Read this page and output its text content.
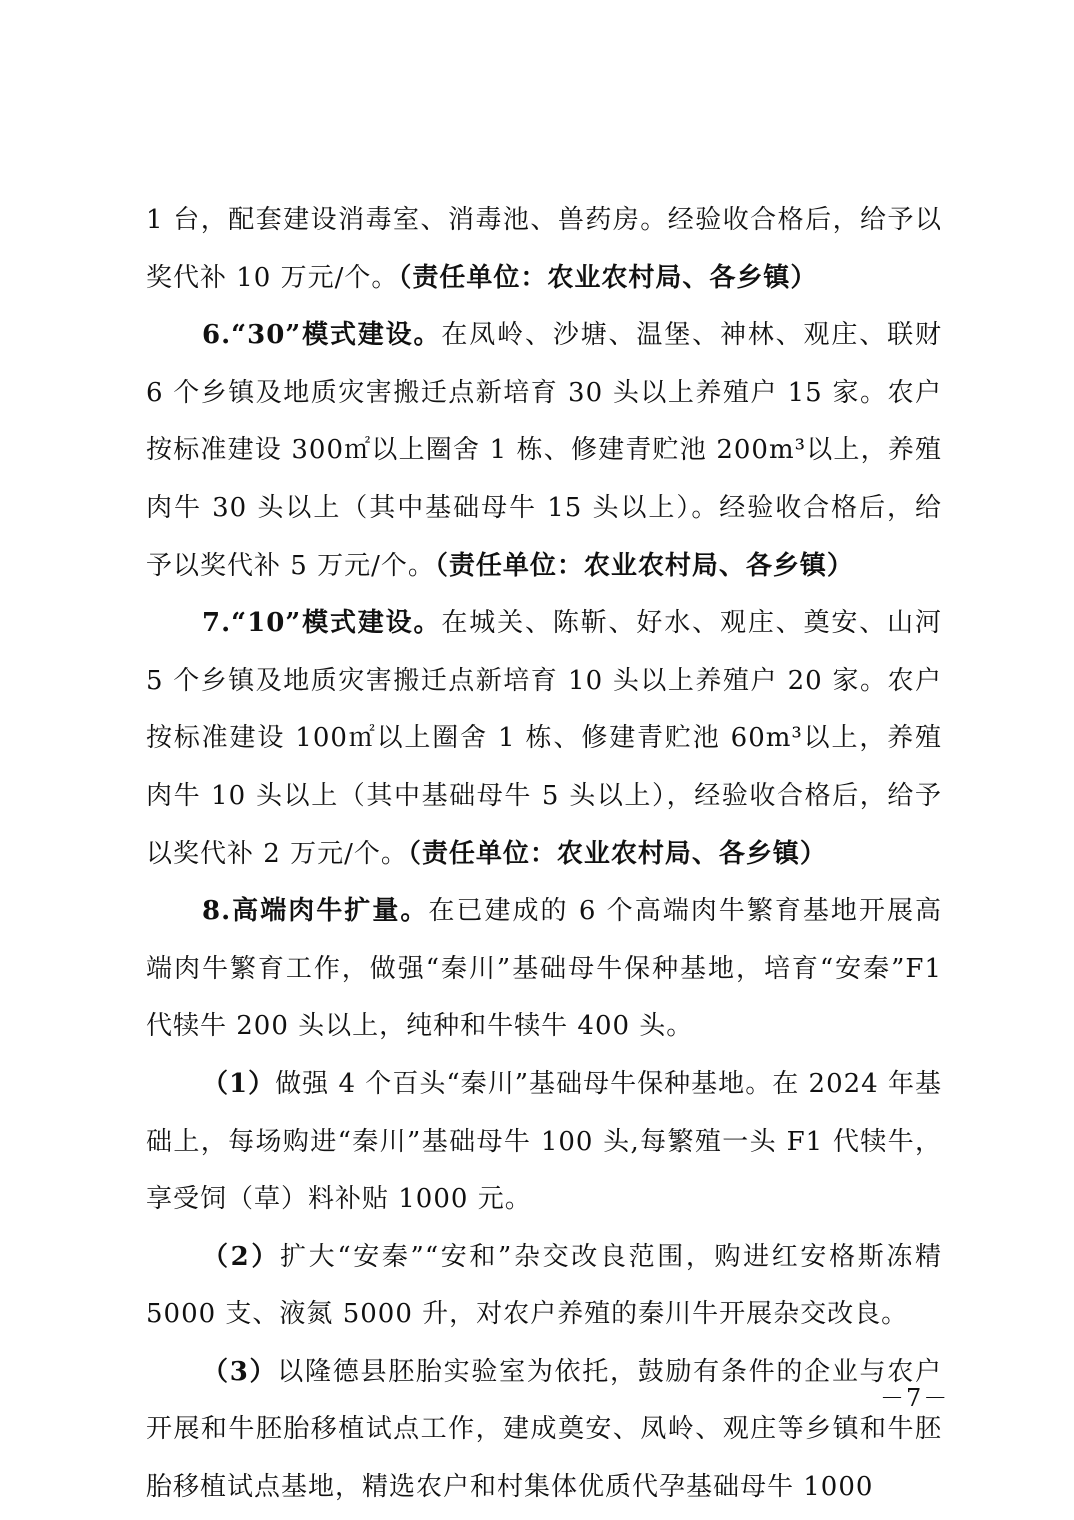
1 台，配套建设消毒室、消毒池、兽药房。经验收合格后，给予以奖代补 10 万元/个。（责任单位：农业农村局、各乡镇）

6.“30”模式建设。在凤岭、沙塘、温堡、神林、观庄、联财 6 个乡镇及地质灾害搬迁点新培育 30 头以上养殖户 15 家。农户按标准建设 300㎡以上圈舍 1 栋、修建青贮池 200m³以上，养殖肉牛 30 头以上（其中基础母牛 15 头以上）。经验收合格后，给予以奖代补 5 万元/个。（责任单位：农业农村局、各乡镇）

7.“10”模式建设。在城关、陈靳、好水、观庄、奠安、山河 5 个乡镇及地质灾害搬迁点新培育 10 头以上养殖户 20 家。农户按标准建设 100㎡以上圈舍 1 栋、修建青贮池 60m³以上，养殖肉牛 10 头以上（其中基础母牛 5 头以上），经验收合格后，给予以奖代补 2 万元/个。（责任单位：农业农村局、各乡镇）

8.高端肉牛扩量。在已建成的 6 个高端肉牛繁育基地开展高端肉牛繁育工作，做强“秦川”基础母牛保种基地，培育“安秦”F1 代犊牛 200 头以上，纯种和牛犊牛 400 头。

（1）做强 4 个百头“秦川”基础母牛保种基地。在 2024 年基础上，每场购进“秦川”基础母牛 100 头,每繁殖一头 F1 代犊牛，享受饲（草）料补贴 1000 元。

（2）扩大“安秦”“安和”杂交改良范围，购进红安格斯冻精 5000 支、液氮 5000 升，对农户养殖的秦川牛开展杂交改良。

（3）以隆德县胚胎实验室为依托，鼓励有条件的企业与农户开展和牛胚胎移植试点工作，建成奠安、凤岭、观庄等乡镇和牛胚胎移植试点基地，精选农户和村集体优质代孕基础母牛 1000

－7－
